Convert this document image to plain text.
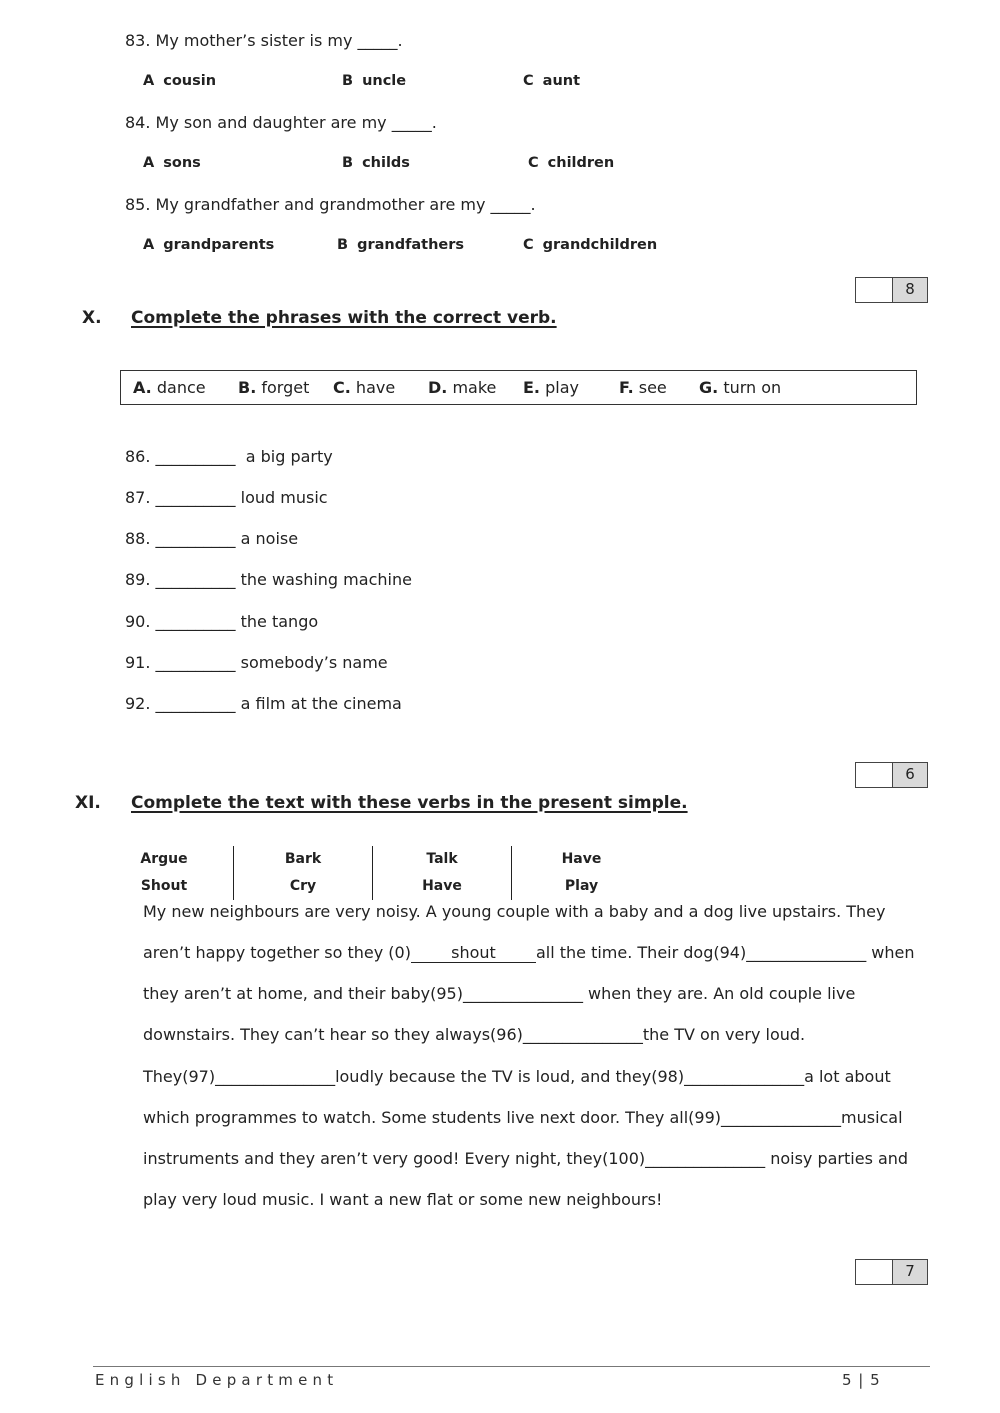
83. My mother’s sister is my _____.
A cousin	B uncle	C aunt
84. My son and daughter are my _____.
A sons	B childs	C children
85. My grandfather and grandmother are my _____.
A grandparents	B grandfathers	C grandchildren
8
X. Complete the phrases with the correct verb.
A. dance B. forget C. have D. make E. play	F. see G. turn on
86. __________  a big party
87. __________ loud music
88. __________ a noise
89. __________ the washing machine
90. __________ the tango
91. __________ somebody’s name
92. __________ a film at the cinema
6
XI. Complete the text with these verbs in the present simple.
Argue	Bark	Talk	Have
Shout	Cry	Have	Play
My new neighbours are very noisy. A young couple with a baby and a dog live upstairs. They
aren’t happy together so they (0)	shout	all the time. Their dog(94)_______________ when
they aren’t at home, and their baby(95)_______________ when they are. An old couple live
downstairs. They can’t hear so they always(96)_______________the TV on very loud.
They(97)_______________loudly because the TV is loud, and they(98)_______________a lot about
which programmes to watch. Some students live next door. They all(99)_______________musical
instruments and they aren’t very good! Every night, they(100)_______________ noisy parties and
play very loud music. I want a new flat or some new neighbours!
7
English Department	5 | 5
